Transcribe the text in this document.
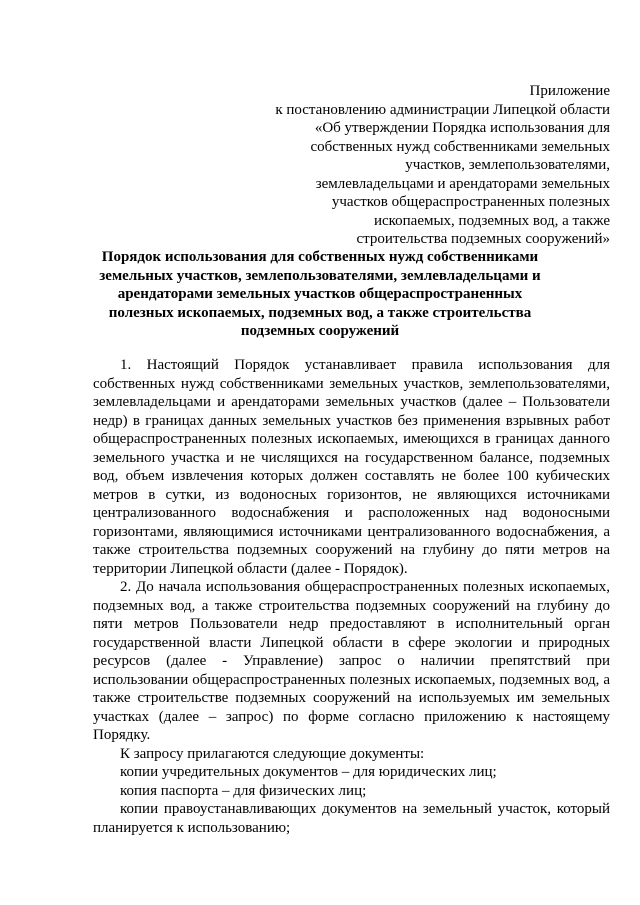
Приложение
к постановлению администрации Липецкой области
«Об утверждении Порядка использования для
собственных нужд собственниками земельных
участков, землепользователями,
землевладельцами и арендаторами земельных
участков общераспространенных полезных
ископаемых, подземных вод, а также
строительства подземных сооружений»
Порядок использования для собственных нужд собственниками земельных участков, землепользователями, землевладельцами и арендаторами земельных участков общераспространенных полезных ископаемых, подземных вод, а также строительства подземных сооружений

1. Настоящий Порядок устанавливает правила использования для собственных нужд собственниками земельных участков, землепользователями, землевладельцами и арендаторами земельных участков (далее – Пользователи недр) в границах данных земельных участков без применения взрывных работ общераспространенных полезных ископаемых, имеющихся в границах данного земельного участка и не числящихся на государственном балансе, подземных вод, объем извлечения которых должен составлять не более 100 кубических метров в сутки, из водоносных горизонтов, не являющихся источниками централизованного водоснабжения и расположенных над водоносными горизонтами, являющимися источниками централизованного водоснабжения, а также строительства подземных сооружений на глубину до пяти метров на территории Липецкой области (далее - Порядок).

2. До начала использования общераспространенных полезных ископаемых, подземных вод, а также строительства подземных сооружений на глубину до пяти метров Пользователи недр предоставляют в исполнительный орган государственной власти Липецкой области в сфере экологии и природных ресурсов (далее - Управление) запрос о наличии препятствий при использовании общераспространенных полезных ископаемых, подземных вод, а также строительстве подземных сооружений на используемых им земельных участках (далее – запрос) по форме согласно приложению к настоящему Порядку.

К запросу прилагаются следующие документы:

копии учредительных документов – для юридических лиц;

копия паспорта – для физических лиц;

копии правоустанавливающих документов на земельный участок, который планируется к использованию;
